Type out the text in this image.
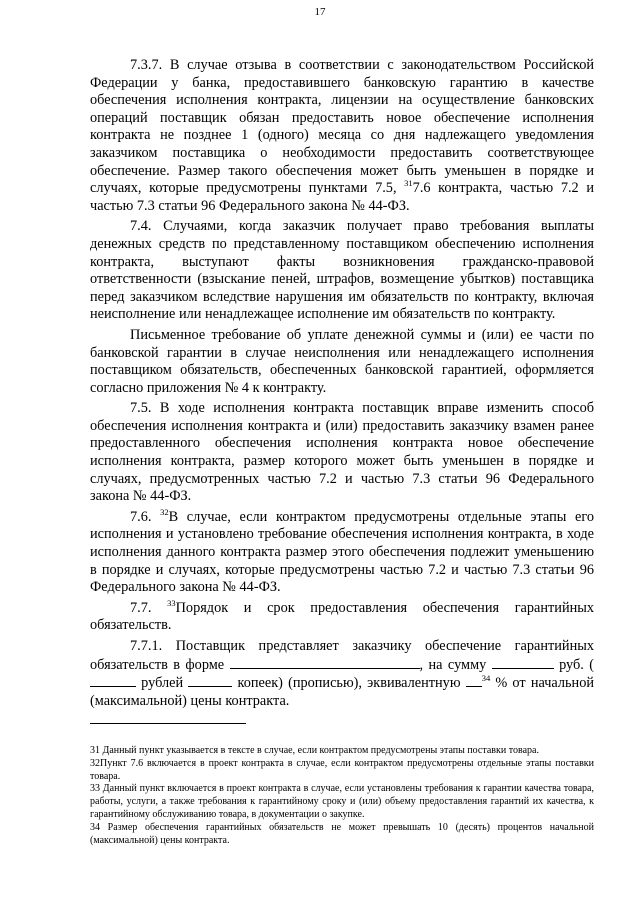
17

7.3.7. В случае отзыва в соответствии с законодательством Российской Федерации у банка, предоставившего банковскую гарантию в качестве обеспечения исполнения контракта, лицензии на осуществление банковских операций поставщик обязан предоставить новое обеспечение исполнения контракта не позднее 1 (одного) месяца со дня надлежащего уведомления заказчиком поставщика о необходимости предоставить соответствующее обеспечение. Размер такого обеспечения может быть уменьшен в порядке и случаях, которые предусмотрены пунктами 7.5, $^{31}$7.6 контракта, частью 7.2 и частью 7.3 статьи 96 Федерального закона № 44-ФЗ.

7.4. Случаями, когда заказчик получает право требования выплаты денежных средств по представленному поставщиком обеспечению исполнения контракта, выступают факты возникновения гражданско-правовой ответственности (взыскание пеней, штрафов, возмещение убытков) поставщика перед заказчиком вследствие нарушения им обязательств по контракту, включая неисполнение или ненадлежащее исполнение им обязательств по контракту.

Письменное требование об уплате денежной суммы и (или) ее части по банковской гарантии в случае неисполнения или ненадлежащего исполнения поставщиком обязательств, обеспеченных банковской гарантией, оформляется согласно приложения № 4 к контракту.

7.5. В ходе исполнения контракта поставщик вправе изменить способ обеспечения исполнения контракта и (или) предоставить заказчику взамен ранее предоставленного обеспечения исполнения контракта новое обеспечение исполнения контракта, размер которого может быть уменьшен в порядке и случаях, предусмотренных частью 7.2 и частью 7.3 статьи 96 Федерального закона № 44-ФЗ.

7.6. $^{32}$В случае, если контрактом предусмотрены отдельные этапы его исполнения и установлено требование обеспечения исполнения контракта, в ходе исполнения данного контракта размер этого обеспечения подлежит уменьшению в порядке и случаях, которые предусмотрены частью 7.2 и частью 7.3 статьи 96 Федерального закона № 44-ФЗ.

7.7. $^{33}$Порядок и срок предоставления обеспечения гарантийных обязательств.

7.7.1. Поставщик представляет заказчику обеспечение гарантийных обязательств в форме	, на сумму	руб. ( рублей	копеек) (прописью), эквивалентную $^{34}$ % от начальной (максимальной) цены контракта.

31 Данный пункт указывается в тексте в случае, если контрактом предусмотрены этапы поставки товара.

32Пункт 7.6 включается в проект контракта в случае, если контрактом предусмотрены отдельные этапы поставки товара.

33 Данный пункт включается в проект контракта в случае, если установлены требования к гарантии качества товара, работы, услуги, а также требования к гарантийному сроку и (или) объему предоставления гарантий их качества, к гарантийному обслуживанию товара, в документации о закупке.

34 Размер обеспечения гарантийных обязательств не может превышать 10 (десять) процентов начальной (максимальной) цены контракта.
